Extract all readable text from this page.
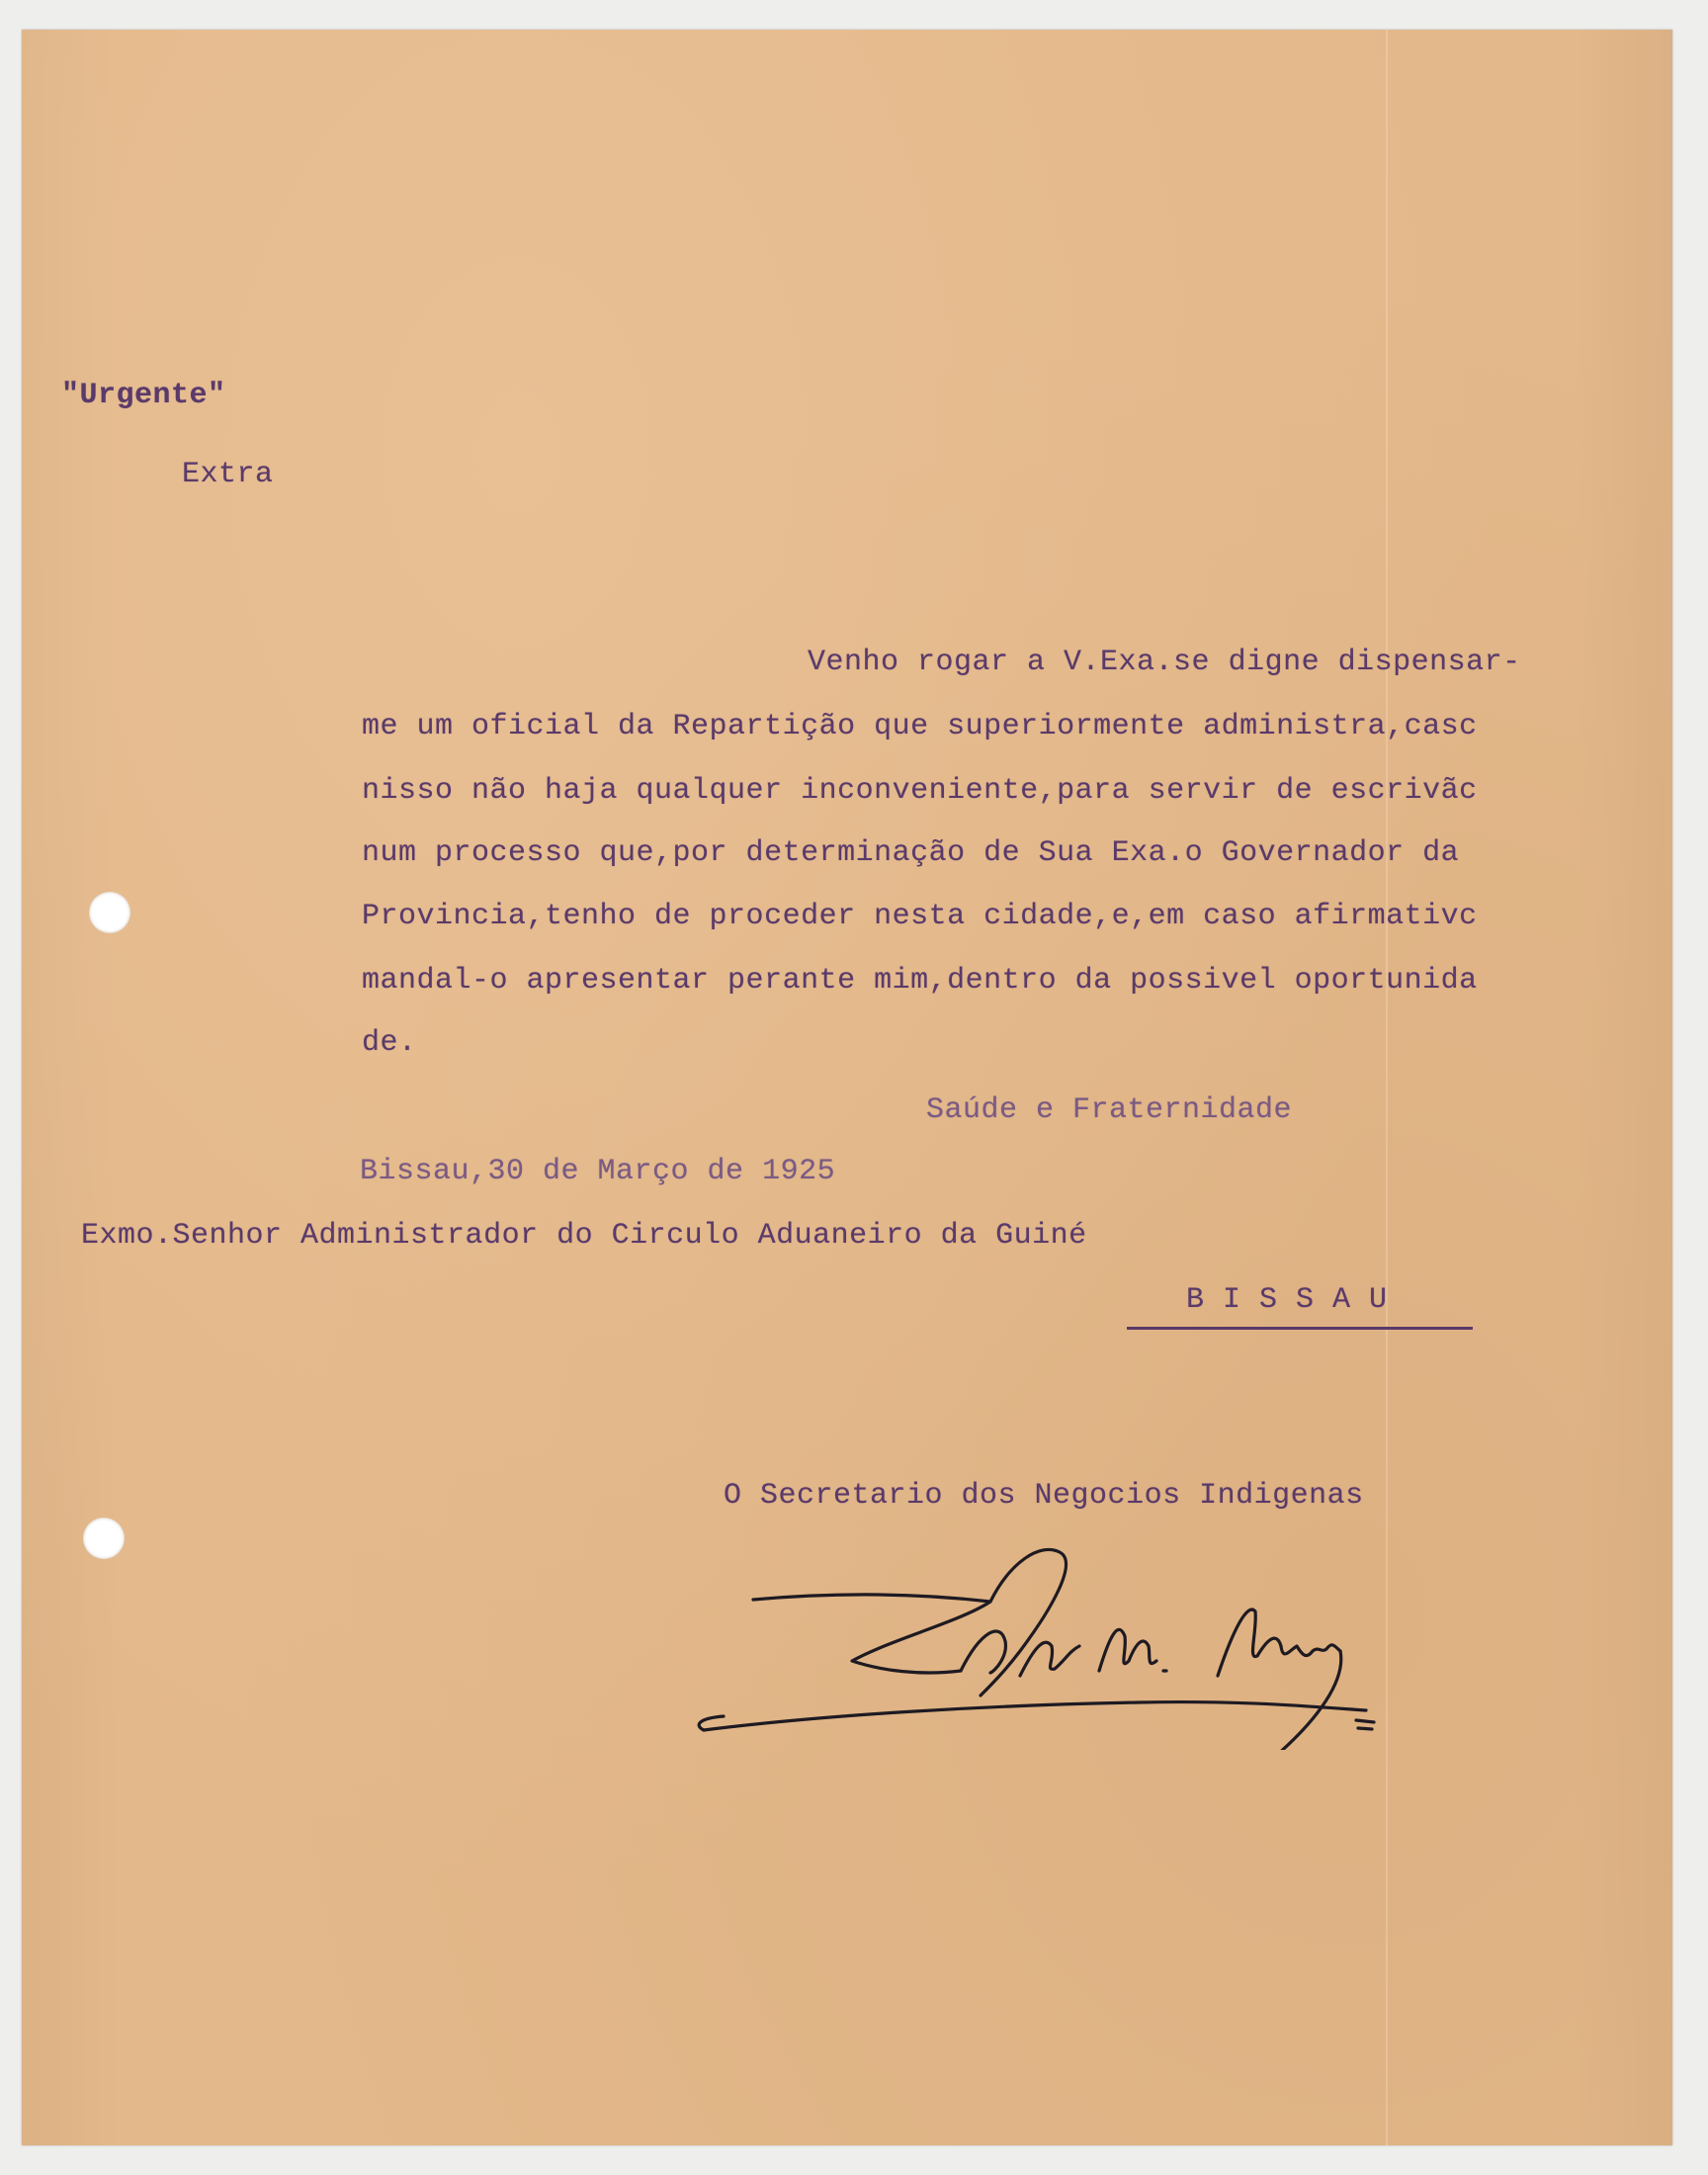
"Urgente"
Extra
Venho rogar a V.Exa.se digne dispensar-
me um oficial da Repartição que superiormente administra,casc
nisso não haja qualquer inconveniente,para servir de escrivãc
num processo que,por determinação de Sua Exa.o Governador da
Provincia,tenho de proceder nesta cidade,e,em caso afirmativc
mandal-o apresentar perante mim,dentro da possivel oportunida
de.
Saúde e Fraternidade
Bissau,30 de Março de 1925
Exmo.Senhor Administrador do Circulo Aduaneiro da Guiné
B I S S A U
O Secretario dos Negocios Indigenas
